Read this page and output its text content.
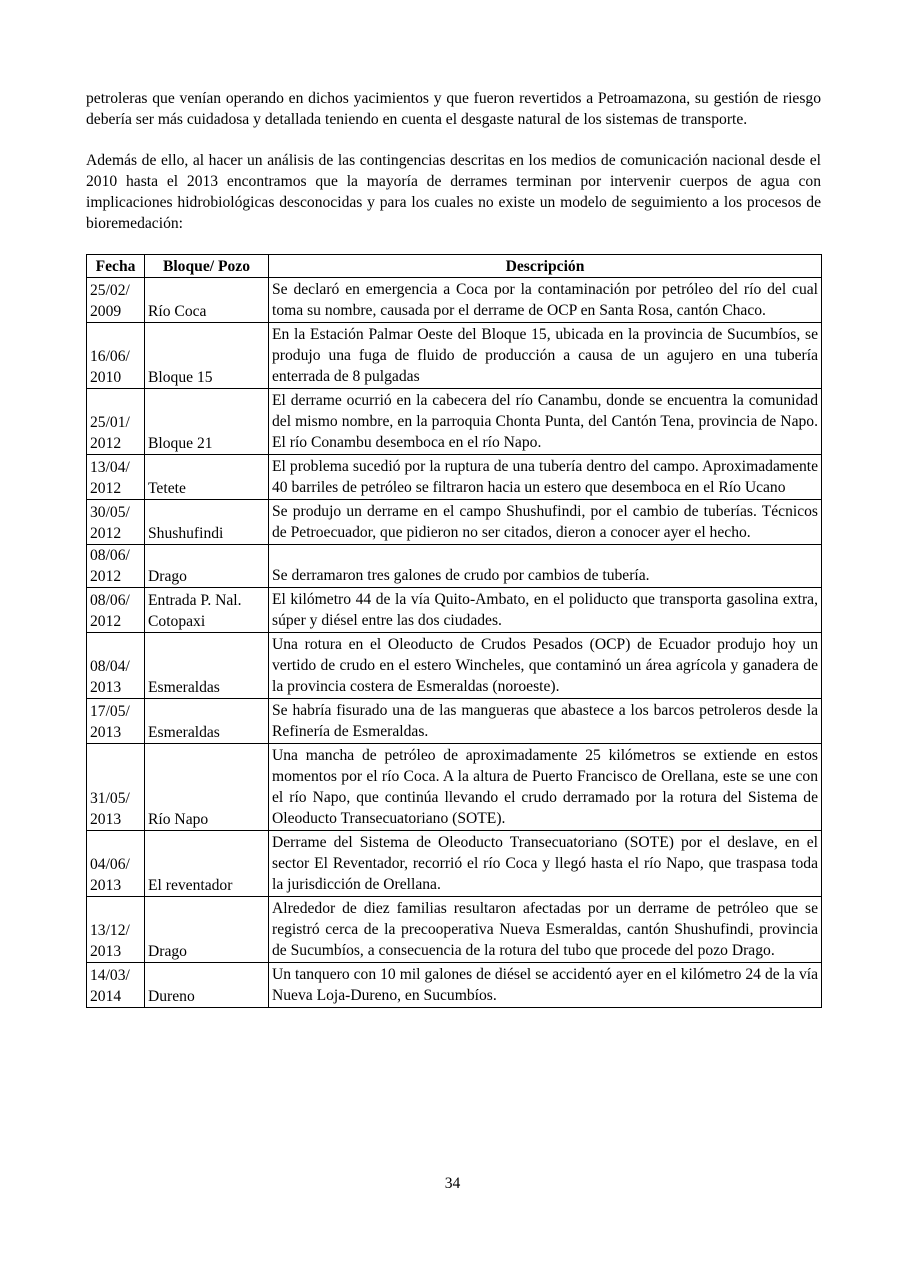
petroleras que venían operando en dichos yacimientos y que fueron revertidos a Petroamazona, su gestión de riesgo debería ser más cuidadosa y detallada teniendo en cuenta el desgaste natural de los sistemas de transporte.

Además de ello, al hacer un análisis de las contingencias descritas en los medios de comunicación nacional desde el 2010 hasta el 2013 encontramos que la mayoría de derrames terminan por intervenir cuerpos de agua con implicaciones hidrobiológicas desconocidas y para los cuales no existe un modelo de seguimiento a los procesos de bioremedación:

Fecha	Bloque/ Pozo	Descripción
25/02/ 2009	Río Coca	Se declaró en emergencia a Coca por la contaminación por petróleo del río del cual toma su nombre, causada por el derrame de OCP en Santa Rosa, cantón Chaco.
16/06/ 2010	Bloque 15	En la Estación Palmar Oeste del Bloque 15, ubicada en la provincia de Sucumbíos, se produjo una fuga de fluido de producción a causa de un agujero en una tubería enterrada de 8 pulgadas
25/01/ 2012	Bloque 21	El derrame ocurrió en la cabecera del río Canambu, donde se encuentra la comunidad del mismo nombre, en la parroquia Chonta Punta, del Cantón Tena, provincia de Napo. El río Conambu desemboca en el río Napo.
13/04/ 2012	Tetete	El problema sucedió por la ruptura de una tubería dentro del campo. Aproximadamente 40 barriles de petróleo se filtraron hacia un estero que desemboca en el Río Ucano
30/05/ 2012	Shushufindi	Se produjo un derrame en el campo Shushufindi, por el cambio de tuberías. Técnicos de Petroecuador, que pidieron no ser citados, dieron a conocer ayer el hecho.
08/06/ 2012	Drago	Se derramaron tres galones de crudo por cambios de tubería.
08/06/ 2012	Entrada P. Nal. Cotopaxi	El kilómetro 44 de la vía Quito-Ambato, en el poliducto que transporta gasolina extra, súper y diésel entre las dos ciudades.
08/04/ 2013	Esmeraldas	Una rotura en el Oleoducto de Crudos Pesados (OCP) de Ecuador produjo hoy un vertido de crudo en el estero Wincheles, que contaminó un área agrícola y ganadera de la provincia costera de Esmeraldas (noroeste).
17/05/ 2013	Esmeraldas	Se habría fisurado una de las mangueras que abastece a los barcos petroleros desde la Refinería de Esmeraldas.
31/05/ 2013	Río Napo	Una mancha de petróleo de aproximadamente 25 kilómetros se extiende en estos momentos por el río Coca. A la altura de Puerto Francisco de Orellana, este se une con el río Napo, que continúa llevando el crudo derramado por la rotura del Sistema de Oleoducto Transecuatoriano (SOTE).
04/06/ 2013	El reventador	Derrame del Sistema de Oleoducto Transecuatoriano (SOTE) por el deslave, en el sector El Reventador, recorrió el río Coca y llegó hasta el río Napo, que traspasa toda la jurisdicción de Orellana.
13/12/ 2013	Drago	Alrededor de diez familias resultaron afectadas por un derrame de petróleo que se registró cerca de la precooperativa Nueva Esmeraldas, cantón Shushufindi, provincia de Sucumbíos, a consecuencia de la rotura del tubo que procede del pozo Drago.
14/03/ 2014	Dureno	Un tanquero con 10 mil galones de diésel se accidentó ayer en el kilómetro 24 de la vía Nueva Loja-Dureno, en Sucumbíos.
34
